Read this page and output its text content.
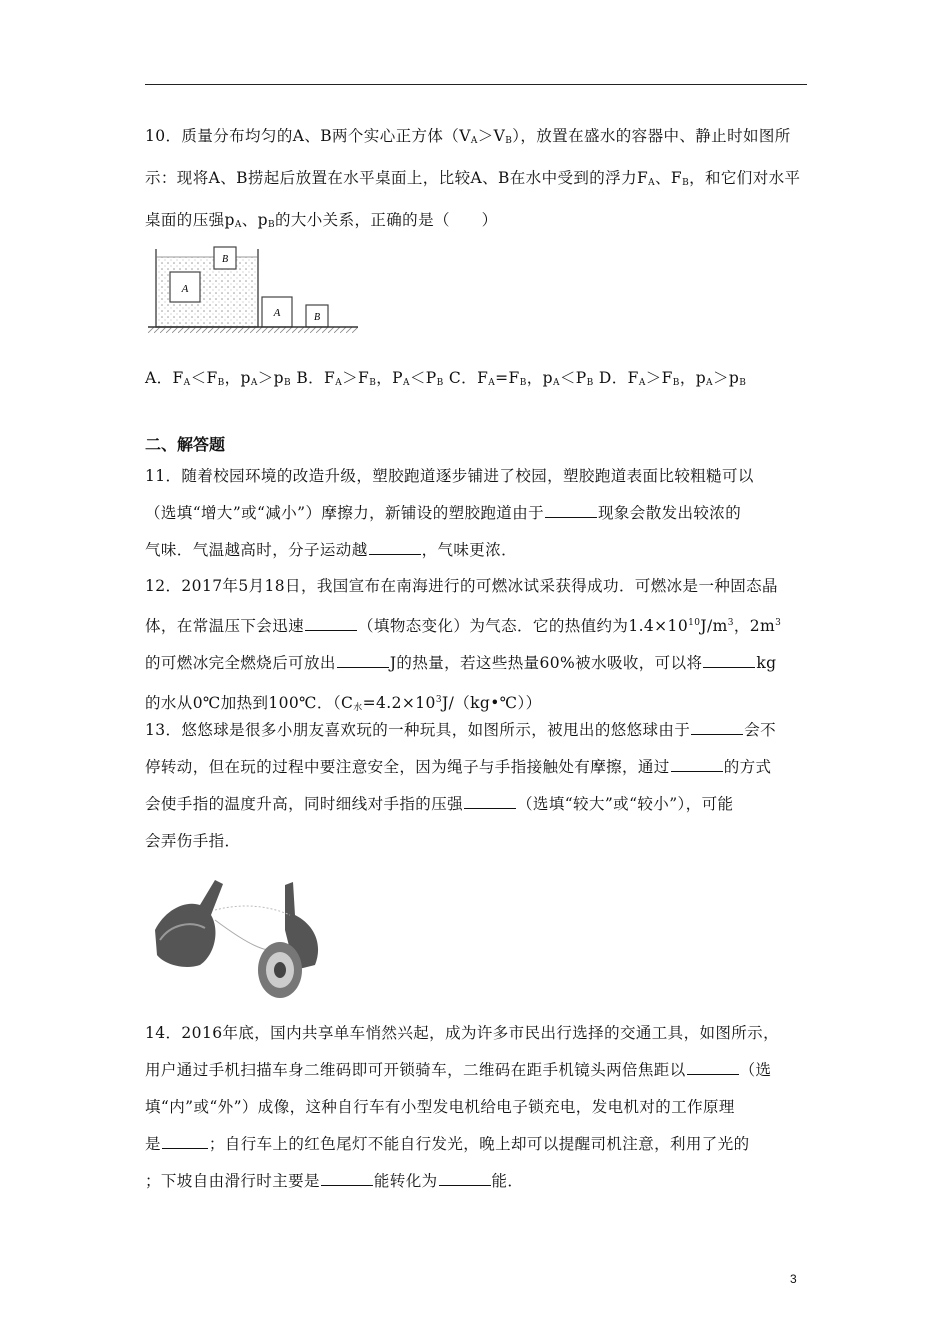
10．质量分布均匀的A、B两个实心正方体$(V_A>V_B)$，放置在盛水的容器中、静止时如图所

示：现将A、B捞起后放置在水平桌面上，比较A、B在水中受到的浮力$F_A$、$F_B$，和它们对水平

桌面的压强$p_A$、$p_B$的大小关系，正确的是（　　）

A
B
A	B

A．$F_A<F_B$，$p_A>p_B$ B．$F_A>F_B$，$P_A<P_B$ C．$F_A=F_B$，$p_A<P_B$ D．$F_A>F_B$，$p_A>p_B$

二、解答题

11．随着校园环境的改造升级，塑胶跑道逐步铺进了校园，塑胶跑道表面比较粗糙可以

（选填“增大”或“减小”）摩擦力，新铺设的塑胶跑道由于	现象会散发出较浓的

气味．气温越高时，分子运动越	，气味更浓．

12．2017年5月18日，我国宣布在南海进行的可燃冰试采获得成功．可燃冰是一种固态晶

体，在常温压下会迅速	（填物态变化）为气态．它的热值约为$1.4\times 10^{10}J/m^3$，$2m^3$

的可燃冰完全燃烧后可放出	J的热量，若这些热量60%被水吸收，可以将	kg

的水从0℃加热到100℃．$(C_水=4.2\times 10^3J/(kg•℃))$

13．悠悠球是很多小朋友喜欢玩的一种玩具，如图所示，被甩出的悠悠球由于	会不

停转动，但在玩的过程中要注意安全，因为绳子与手指接触处有摩擦，通过	的方式

会使手指的温度升高，同时细线对手指的压强	（选填“较大”或“较小”），可能

会弄伤手指．

14．2016年底，国内共享单车悄然兴起，成为许多市民出行选择的交通工具，如图所示，

用户通过手机扫描车身二维码即可开锁骑车，二维码在距手机镜头两倍焦距以	（选

填“内”或“外”）成像，这种自行车有小型发电机给电子锁充电，发电机对的工作原理

是	；自行车上的红色尾灯不能自行发光，晚上却可以提醒司机注意，利用了光的

；下坡自由滑行时主要是	能转化为	能．

3
